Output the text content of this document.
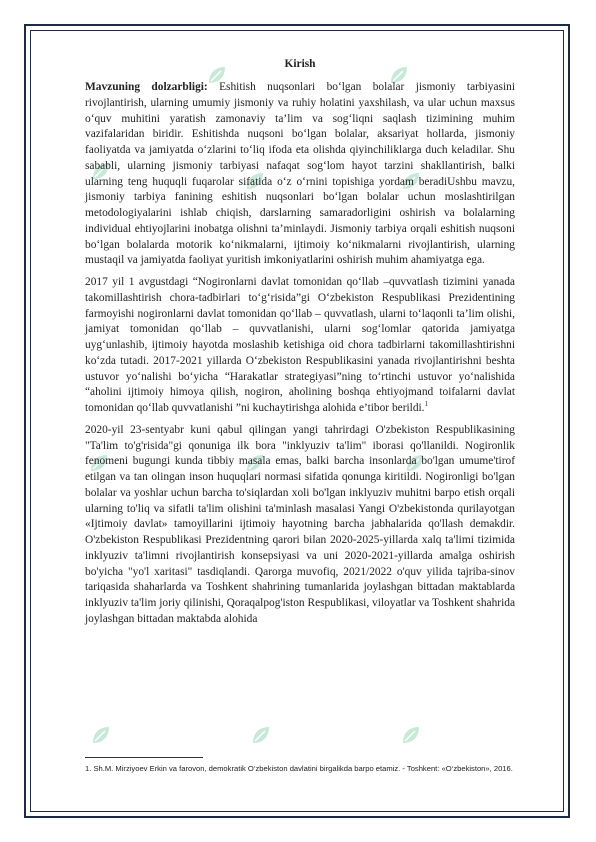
Kirish

Mavzuning dolzarbligi: Eshitish nuqsonlari bo‘lgan bolalar jismoniy tarbiyasini rivojlantirish, ularning umumiy jismoniy va ruhiy holatini yaxshilash, va ular uchun maxsus o‘quv muhitini yaratish zamonaviy ta’lim va sog‘liqni saqlash tizimining muhim vazifalaridan biridir. Eshitishda nuqsoni bo‘lgan bolalar, aksariyat hollarda, jismoniy faoliyatda va jamiyatda o‘zlarini to‘liq ifoda eta olishda qiyinchiliklarga duch keladilar. Shu sababli, ularning jismoniy tarbiyasi nafaqat sog‘lom hayot tarzini shakllantirish, balki ularning teng huquqli fuqarolar sifatida o‘z o‘rnini topishiga yordam beradiUshbu mavzu, jismoniy tarbiya fanining eshitish nuqsonlari bo‘lgan bolalar uchun moslashtirilgan metodologiyalarini ishlab chiqish, darslarning samaradorligini oshirish va bolalarning individual ehtiyojlarini inobatga olishni ta’minlaydi. Jismoniy tarbiya orqali eshitish nuqsoni bo‘lgan bolalarda motorik ko‘nikmalarni, ijtimoiy ko‘nikmalarni rivojlantirish, ularning mustaqil va jamiyatda faoliyat yuritish imkoniyatlarini oshirish muhim ahamiyatga ega.

2017 yil 1 avgustdagi “Nogironlarni davlat tomonidan qo‘llab –quvvatlash tizimini yanada takomillashtirish chora-tadbirlari to‘g‘risida”gi O‘zbekiston Respublikasi Prezidentining farmoyishi nogironlarni davlat tomonidan qo‘llab – quvvatlash, ularni to‘laqonli ta’lim olishi, jamiyat tomonidan qo‘llab – quvvatlanishi, ularni sog‘lomlar qatorida jamiyatga uyg‘unlashib, ijtimoiy hayotda moslashib ketishiga oid chora tadbirlarni takomillashtirishni ko‘zda tutadi. 2017-2021 yillarda O‘zbekiston Respublikasini yanada rivojlantirishni beshta ustuvor yo‘nalishi bo‘yicha “Harakatlar strategiyasi”ning to‘rtinchi ustuvor yo‘nalishida “aholini ijtimoiy himoya qilish, nogiron, aholining boshqa ehtiyojmand toifalarni davlat tomonidan qo‘llab quvvatlanishi ”ni kuchaytirishga alohida e’tibor berildi.$^1$

2020-yil 23-sentyabr kuni qabul qilingan yangi tahrirdagi O'zbekiston Respublikasining "Ta'lim to'g'risida"gi qonuniga ilk bora "inklyuziv ta'lim" iborasi qo'llanildi. Nogironlik fenomeni bugungi kunda tibbiy masala emas, balki barcha insonlarda bo'lgan umume'tirof etilgan va tan olingan inson huquqlari normasi sifatida qonunga kiritildi. Nogironligi bo'lgan bolalar va yoshlar uchun barcha to'siqlardan xoli bo'lgan inklyuziv muhitni barpo etish orqali ularning to'liq va sifatli ta'lim olishini ta'minlash masalasi Yangi O'zbekistonda qurilayotgan «Ijtimoiy davlat» tamoyillarini ijtimoiy hayotning barcha jabhalarida qo'llash demakdir. O'zbekiston Respublikasi Prezidentning qarori bilan 2020-2025-yillarda xalq ta'limi tizimida inklyuziv ta'limni rivojlantirish konsepsiyasi va uni 2020-2021-yillarda amalga oshirish bo'yicha "yo'l xaritasi" tasdiqlandi. Qarorga muvofiq, 2021/2022 o'quv yilida tajriba-sinov tariqasida shaharlarda va Toshkent shahrining tumanlarida joylashgan bittadan maktablarda inklyuziv ta'lim joriy qilinishi, Qoraqalpog'iston Respublikasi, viloyatlar va Toshkent shahrida joylashgan bittadan maktabda alohida

1. Sh.M. Mirziyoev Erkin va farovon, demokratik O‘zbekiston davlatini birgalikda barpo etamiz. - Toshkent: «O‘zbekiston», 2016.
